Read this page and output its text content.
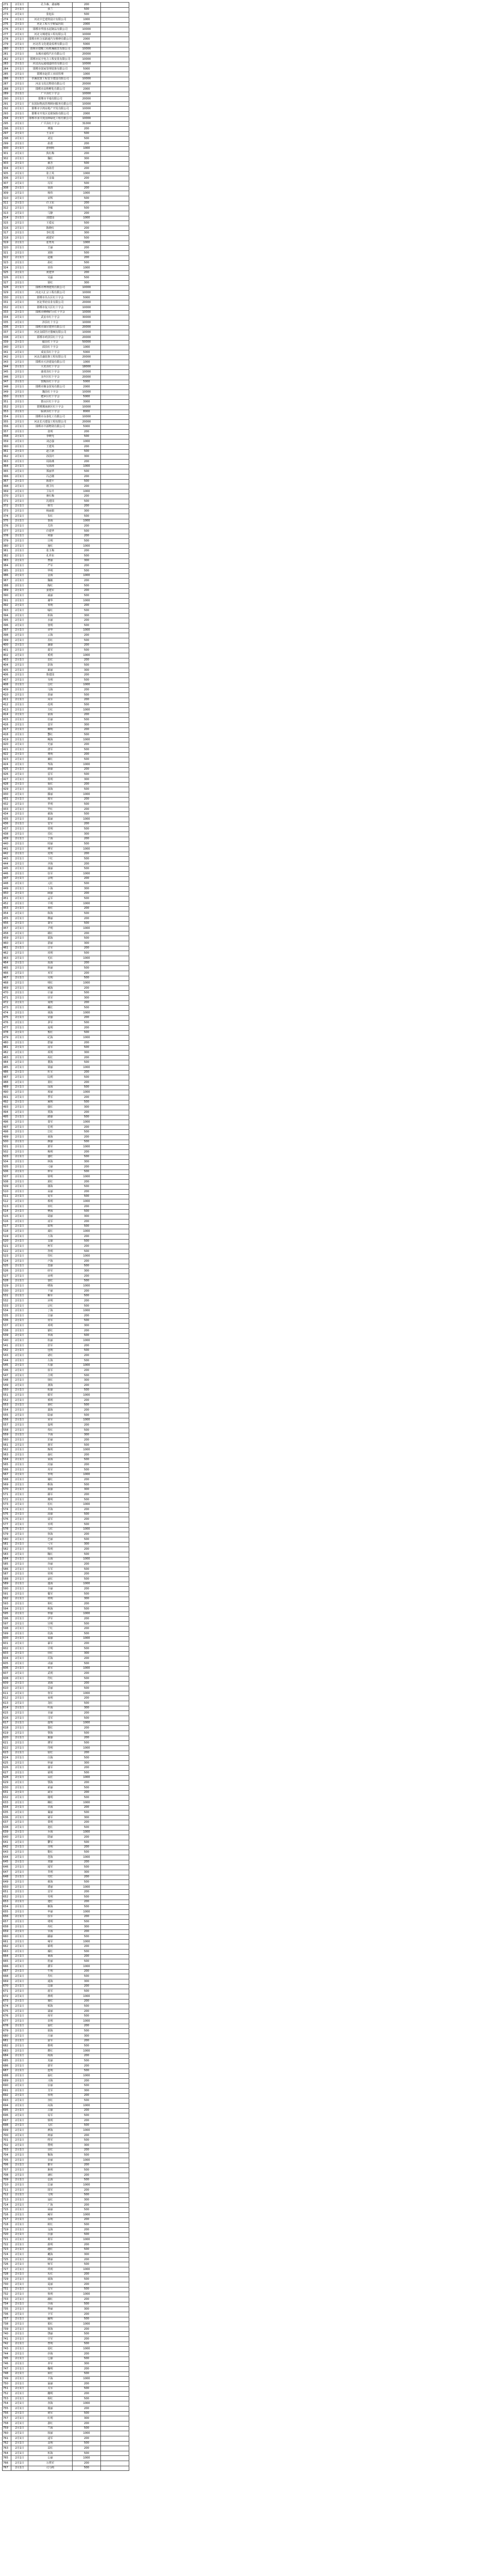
271	2月1日	孔令森、裴丽娜	200	
272	2月1日	张兰	500	
273	2月1日	张旭东	500	
274	2月1日	河北中艺建筑设计有限公司	1000	
275	2月1日	河北工程大学附属医院	2000	
276	2月1日	邯郸市华扬水泥制品有限公司	10000	
277	2月1日	河北文城建设工程有限公司	10000	
278	2月1日	邯郸市旺合东路通汽车维修有限公司	2000	
279	2月1日	河北省文化建设监理有限公司	5000	
280	2月1日	邯郸市建鞍工程机械租赁有限公司	10000	
281	2月1日	永城市通程汽车有限公司	20000	
282	2月1日	邯郸市民宇电力工程安装有限公司	10000	
283	2月1日	河北高远通地道经营有限公司	10000	
284	2月1日	邯郸市国家管理装饰有限公司	5000	
285	2月1日	邯郸市赵洪工业园管理	1000	
286	2月1日	卓溪装置工程安全建设有限公司	10000	
287	2月1日	河北文化达物资有限公司	20000	
288	2月1日	邯郸市高科孵化有限公司	2000	
289	2月1日	广平县红十字会	10000	
290	2月1日	邯郸市平地有限公司	20000	
291	2月1日	广东国际物流管理顾问服务有限公司	10000	
292	2月1日	邯郸市宇鸿房地产开发有限公司	10000	
293	2月1日	邯郸市开发区星联保险有限公司	2000	
294	2月1日	邯郸市承兴发园林绿化工程有限公司	10000	
295	2月1日	广平县红十字会	31000	
296	2月1日	傅豫	200	
297	2月1日	王永军	500	
298	2月1日	刘宏	500	
299	2月1日	孙蕾	200	
300	2月1日	唐利明	1000	
301	2月1日	焦红梅	200	
302	2月1日	魏红	300	
303	2月1日	郝芳	500	
304	2月1日	孙海芳	200	
305	2月1日	张立英	1000	
306	2月1日	王彦茹	200	
307	2月1日	冯军	500	
308	2月1日	胡涛	200	
309	2月1日	杨伟	1000	
310	2月1日	宋辉	500	
311	2月1日	许卫东	200	
312	2月1日	李敏	500	
313	2月1日	马静	200	
314	2月1日	刘建国	1000	
315	2月1日	王爱民	500	
316	2月1日	陈晓红	200	
317	2月1日	李红霞	300	
318	2月1日	郝建军	500	
319	2月1日	张秀英	1000	
320	2月1日	王丽	200	
321	2月1日	刘艳	500	
322	2月1日	赵敏	200	
323	2月1日	孙红	500	
324	2月1日	田伟	1000	
325	2月1日	黄建华	200	
326	2月1日	吴磊	500	
327	2月1日	徐红	300	
328	2月1日	邯郸市博翔建筑有限公司	10000	
329	2月1日	河北大汇宗工程有限公司	10000	
330	2月1日	邯郸市丛台区红十字会	5000	
331	2月1日	河北华府实业有限公司	20000	
332	2月1日	邯郸市复兴区红十字会	10000	
333	2月1日	邯郸市峰峰矿区红十字会	10000	
334	2月1日	武安市红十字会	30000	
335	2月1日	涉县红十字会	10000	
336	2月1日	邯郸市康居建材有限公司	20000	
337	2月1日	河北众联医疗器械有限公司	10000	
338	2月1日	邯郸市鸡泽县红十字会	20000	
339	2月1日	磁县红十字会	50000	
340	2月1日	邱县红十字会	1000	
341	2月1日	成安县红十字会	5000	
342	2月1日	河北昌盛装饰工程有限公司	20000	
343	2月1日	邯郸市天泽建设有限公司	1000	
344	2月1日	大名县红十字会	18000	
345	2月1日	曲周县红十字会	10000	
346	2月1日	永年区红十字会	20000	
347	2月1日	馆陶县红十字会	5000	
348	2月1日	邯郸市聚金贸易有限公司	2000	
349	2月1日	魏县红十字会	10000	
350	2月1日	肥乡区红十字会	5000	
351	2月1日	邯山区红十字会	3000	
352	2月1日	邯郸冀南新区红十字会	10000	
353	2月1日	临漳县红十字会	8000	
354	2月1日	邯郸市永泰化工有限公司	10000	
355	2月1日	河北长兴建设工程有限公司	20000	
356	2月1日	邯郸市丰源物资有限公司	5000	
357	2月1日	张明	200	
358	2月1日	李晓光	500	
359	2月1日	刘志强	1000	
360	2月1日	王建英	200	
361	2月1日	赵立新	500	
362	2月1日	孙国庆	300	
363	2月1日	周海燕	200	
364	2月1日	吴海涛	1000	
365	2月1日	郑丽华	500	
366	2月1日	冯志刚	200	
367	2月1日	陈建平	500	
368	2月1日	褚卫红	200	
369	2月1日	卫东升	1000	
370	2月1日	蒋红梅	200	
371	2月1日	沈建国	500	
372	2月1日	韩雪	200	
373	2月1日	杨丽娟	300	
374	2月1日	朱红	500	
375	2月1日	秦海	1000	
376	2月1日	尤伟	200	
377	2月1日	许建华	500	
378	2月1日	何丽	200	
379	2月1日	吕明	500	
380	2月1日	施红	1000	
381	2月1日	张玉梅	200	
382	2月1日	孔祥东	500	
383	2月1日	曹丽	300	
384	2月1日	严军	200	
385	2月1日	华明	500	
386	2月1日	金海	1000	
387	2月1日	魏敏	200	
388	2月1日	陶红	500	
389	2月1日	姜建军	200	
390	2月1日	戚丽	500	
391	2月1日	谢华	1000	
392	2月1日	邹明	200	
393	2月1日	喻红	500	
394	2月1日	柏海	300	
395	2月1日	水丽	200	
396	2月1日	窦明	500	
397	2月1日	章华	1000	
398	2月1日	云海	200	
399	2月1日	苏红	500	
400	2月1日	潘丽	200	
401	2月1日	葛军	500	
402	2月1日	奚明	1000	
403	2月1日	范红	200	
404	2月1日	彭海	500	
405	2月1日	郎丽	300	
406	2月1日	鲁建国	200	
407	2月1日	韦明	500	
408	2月1日	昌红	1000	
409	2月1日	马海	200	
410	2月1日	苗丽	500	
411	2月1日	凤军	200	
412	2月1日	花明	500	
413	2月1日	方红	1000	
414	2月1日	俞海	200	
415	2月1日	任丽	500	
416	2月1日	袁军	300	
417	2月1日	柳明	200	
418	2月1日	酆红	500	
419	2月1日	鲍海	1000	
420	2月1日	史丽	200	
421	2月1日	唐军	500	
422	2月1日	费明	200	
423	2月1日	廉红	500	
424	2月1日	岑海	1000	
425	2月1日	薛丽	200	
426	2月1日	雷军	500	
427	2月1日	贺明	300	
428	2月1日	倪红	200	
429	2月1日	汤海	500	
430	2月1日	滕丽	1000	
431	2月1日	殷军	200	
432	2月1日	罗明	500	
433	2月1日	毕红	200	
434	2月1日	郝海	500	
435	2月1日	邬丽	1000	
436	2月1日	安军	200	
437	2月1日	常明	500	
438	2月1日	乐红	300	
439	2月1日	于海	200	
440	2月1日	时丽	500	
441	2月1日	傅军	1000	
442	2月1日	皮明	200	
443	2月1日	卞红	500	
444	2月1日	齐海	200	
445	2月1日	康丽	500	
446	2月1日	伍军	1000	
447	2月1日	余明	200	
448	2月1日	元红	500	
449	2月1日	卜海	300	
450	2月1日	顾丽	200	
451	2月1日	孟军	500	
452	2月1日	平明	1000	
453	2月1日	黄红	200	
454	2月1日	和海	500	
455	2月1日	穆丽	200	
456	2月1日	萧军	500	
457	2月1日	尹明	1000	
458	2月1日	姚红	200	
459	2月1日	邵海	500	
460	2月1日	湛丽	300	
461	2月1日	汪军	200	
462	2月1日	祁明	500	
463	2月1日	毛红	1000	
464	2月1日	禹海	200	
465	2月1日	狄丽	500	
466	2月1日	米军	200	
467	2月1日	贝明	500	
468	2月1日	明红	1000	
469	2月1日	臧海	200	
470	2月1日	计丽	500	
471	2月1日	伏军	300	
472	2月1日	成明	200	
473	2月1日	戴红	500	
474	2月1日	谈海	1000	
475	2月1日	宋丽	200	
476	2月1日	茅军	500	
477	2月1日	庞明	200	
478	2月1日	熊红	500	
479	2月1日	纪海	1000	
480	2月1日	舒丽	200	
481	2月1日	屈军	500	
482	2月1日	项明	300	
483	2月1日	祝红	200	
484	2月1日	董海	500	
485	2月1日	梁丽	1000	
486	2月1日	杜军	200	
487	2月1日	阮明	500	
488	2月1日	蓝红	200	
489	2月1日	闵海	500	
490	2月1日	席丽	1000	
491	2月1日	季军	200	
492	2月1日	麻明	500	
493	2月1日	强红	300	
494	2月1日	贾海	200	
495	2月1日	路丽	500	
496	2月1日	娄军	1000	
497	2月1日	危明	200	
498	2月1日	江红	500	
499	2月1日	童海	200	
500	2月1日	颜丽	500	
501	2月1日	郭军	1000	
502	2月1日	梅明	200	
503	2月1日	盛红	500	
504	2月1日	林海	300	
505	2月1日	刁丽	200	
506	2月1日	钟军	500	
507	2月1日	徐明	1000	
508	2月1日	邱红	200	
509	2月1日	骆海	500	
510	2月1日	高丽	200	
511	2月1日	夏军	500	
512	2月1日	蔡明	1000	
513	2月1日	田红	200	
514	2月1日	樊海	500	
515	2月1日	胡丽	300	
516	2月1日	凌军	200	
517	2月1日	霍明	500	
518	2月1日	虞红	1000	
519	2月1日	万海	200	
520	2月1日	支丽	500	
521	2月1日	柯军	200	
522	2月1日	昝明	500	
523	2月1日	管红	1000	
524	2月1日	卢海	200	
525	2月1日	莫丽	500	
526	2月1日	经军	300	
527	2月1日	房明	200	
528	2月1日	裘红	500	
529	2月1日	缪海	1000	
530	2月1日	干丽	200	
531	2月1日	解军	500	
532	2月1日	应明	200	
533	2月1日	宗红	500	
534	2月1日	丁海	1000	
535	2月1日	宣丽	200	
536	2月1日	贲军	500	
537	2月1日	邓明	300	
538	2月1日	郁红	200	
539	2月1日	单海	500	
540	2月1日	杭丽	1000	
541	2月1日	洪军	200	
542	2月1日	包明	500	
543	2月1日	诸红	200	
544	2月1日	左海	500	
545	2月1日	石丽	1000	
546	2月1日	崔军	200	
547	2月1日	吉明	500	
548	2月1日	钮红	300	
549	2月1日	龚海	200	
550	2月1日	程丽	500	
551	2月1日	嵇军	1000	
552	2月1日	邢明	200	
553	2月1日	滑红	500	
554	2月1日	裴海	200	
555	2月1日	陆丽	500	
556	2月1日	荣军	1000	
557	2月1日	翁明	200	
558	2月1日	荀红	500	
559	2月1日	羊海	300	
560	2月1日	於丽	200	
561	2月1日	惠军	500	
562	2月1日	甄明	1000	
563	2月1日	曲红	200	
564	2月1日	家海	500	
565	2月1日	封丽	200	
566	2月1日	芮军	500	
567	2月1日	羿明	1000	
568	2月1日	储红	200	
569	2月1日	靳海	500	
570	2月1日	汲丽	300	
571	2月1日	邴军	200	
572	2月1日	糜明	500	
573	2月1日	松红	1000	
574	2月1日	井海	200	
575	2月1日	段丽	500	
576	2月1日	富军	200	
577	2月1日	巫明	500	
578	2月1日	乌红	1000	
579	2月1日	焦海	200	
580	2月1日	巴丽	500	
581	2月1日	弓军	300	
582	2月1日	牧明	200	
583	2月1日	隗红	500	
584	2月1日	山海	1000	
585	2月1日	谷丽	200	
586	2月1日	车军	500	
587	2月1日	侯明	200	
588	2月1日	宓红	500	
589	2月1日	蓬海	1000	
590	2月1日	全丽	200	
591	2月1日	郗军	500	
592	2月1日	班明	300	
593	2月1日	仰红	200	
594	2月1日	秋海	500	
595	2月1日	仲丽	1000	
596	2月1日	伊军	200	
597	2月1日	宫明	500	
598	2月1日	宁红	200	
599	2月1日	仇海	500	
600	2月1日	栾丽	1000	
601	2月1日	暴军	200	
602	2月1日	甘明	500	
603	2月1日	钭红	300	
604	2月1日	厉海	200	
605	2月1日	戎丽	500	
606	2月1日	祖军	1000	
607	2月1日	武明	200	
608	2月1日	符红	500	
609	2月1日	刘海	200	
610	2月1日	景丽	500	
611	2月1日	詹军	1000	
612	2月1日	束明	200	
613	2月1日	龙红	500	
614	2月1日	叶海	300	
615	2月1日	幸丽	200	
616	2月1日	司军	500	
617	2月1日	韶明	1000	
618	2月1日	郜红	200	
619	2月1日	黎海	500	
620	2月1日	蓟丽	200	
621	2月1日	薄军	500	
622	2月1日	印明	1000	
623	2月1日	宿红	200	
624	2月1日	白海	500	
625	2月1日	怀丽	300	
626	2月1日	蒲军	200	
627	2月1日	邰明	500	
628	2月1日	从红	1000	
629	2月1日	鄂海	200	
630	2月1日	索丽	500	
631	2月1日	咸军	200	
632	2月1日	籍明	500	
633	2月1日	赖红	1000	
634	2月1日	卓海	200	
635	2月1日	蔺丽	500	
636	2月1日	屠军	300	
637	2月1日	蒙明	200	
638	2月1日	池红	500	
639	2月1日	乔海	1000	
640	2月1日	阴丽	200	
641	2月1日	鬱军	500	
642	2月1日	胥明	200	
643	2月1日	能红	500	
644	2月1日	苍海	1000	
645	2月1日	双丽	200	
646	2月1日	闻军	500	
647	2月1日	莘明	300	
648	2月1日	党红	200	
649	2月1日	翟海	500	
650	2月1日	谭丽	1000	
651	2月1日	贡军	200	
652	2月1日	劳明	500	
653	2月1日	逄红	200	
654	2月1日	姬海	500	
655	2月1日	申丽	1000	
656	2月1日	扶军	200	
657	2月1日	堵明	500	
658	2月1日	冉红	300	
659	2月1日	宰海	200	
660	2月1日	郦丽	500	
661	2月1日	雍军	1000	
662	2月1日	郤明	200	
663	2月1日	璩红	500	
664	2月1日	桑海	200	
665	2月1日	桂丽	500	
666	2月1日	濮军	1000	
667	2月1日	牛明	200	
668	2月1日	寿红	500	
669	2月1日	通海	300	
670	2月1日	边丽	200	
671	2月1日	扈军	500	
672	2月1日	燕明	1000	
673	2月1日	冀红	200	
674	2月1日	郏海	500	
675	2月1日	浦丽	200	
676	2月1日	尚军	500	
677	2月1日	农明	1000	
678	2月1日	温红	200	
679	2月1日	别海	500	
680	2月1日	庄丽	300	
681	2月1日	晏军	200	
682	2月1日	柴明	500	
683	2月1日	瞿红	1000	
684	2月1日	阎海	200	
685	2月1日	充丽	500	
686	2月1日	慕军	200	
687	2月1日	连明	500	
688	2月1日	茹红	1000	
689	2月1日	习海	200	
690	2月1日	宦丽	500	
691	2月1日	艾军	300	
692	2月1日	鱼明	200	
693	2月1日	容红	500	
694	2月1日	向海	1000	
695	2月1日	古丽	200	
696	2月1日	易军	500	
697	2月1日	慎明	200	
698	2月1日	戈红	500	
699	2月1日	廖海	1000	
700	2月1日	庾丽	200	
701	2月1日	终军	500	
702	2月1日	暨明	300	
703	2月1日	居红	200	
704	2月1日	衡海	500	
705	2月1日	步丽	1000	
706	2月1日	都军	200	
707	2月1日	耿明	500	
708	2月1日	满红	200	
709	2月1日	弘海	500	
710	2月1日	匡丽	1000	
711	2月1日	国军	200	
712	2月1日	文明	500	
713	2月1日	寇红	300	
714	2月1日	广海	200	
715	2月1日	禄丽	500	
716	2月1日	阙军	1000	
717	2月1日	东明	200	
718	2月1日	欧红	500	
719	2月1日	殳海	200	
720	2月1日	沃丽	500	
721	2月1日	利军	1000	
722	2月1日	蔚明	200	
723	2月1日	越红	500	
724	2月1日	夔海	300	
725	2月1日	隆丽	200	
726	2月1日	师军	500	
727	2月1日	巩明	1000	
728	2月1日	厍红	200	
729	2月1日	聂海	500	
730	2月1日	晁丽	200	
731	2月1日	勾军	500	
732	2月1日	敖明	1000	
733	2月1日	融红	200	
734	2月1日	冷海	500	
735	2月1日	訾丽	300	
736	2月1日	辛军	200	
737	2月1日	阚明	500	
738	2月1日	那红	1000	
739	2月1日	简海	200	
740	2月1日	饶丽	500	
741	2月1日	空军	200	
742	2月1日	曾明	500	
743	2月1日	毋红	1000	
744	2月1日	沙海	200	
745	2月1日	乜丽	500	
746	2月1日	养军	300	
747	2月1日	鞠明	200	
748	2月1日	须红	500	
749	2月1日	丰海	1000	
750	2月1日	巢丽	200	
751	2月1日	关军	500	
752	2月1日	蒯明	200	
753	2月1日	相红	500	
754	2月1日	查海	1000	
755	2月1日	後丽	200	
756	2月1日	荆军	500	
757	2月1日	红明	300	
758	2月1日	游红	200	
759	2月1日	竺海	500	
760	2月1日	权丽	1000	
761	2月1日	逯军	200	
762	2月1日	盖明	500	
763	2月1日	益红	200	
764	2月1日	桓海	500	
765	2月1日	公丽	1000	
766	2月1日	万俟军	200	
767	2月1日	司马明	500	
